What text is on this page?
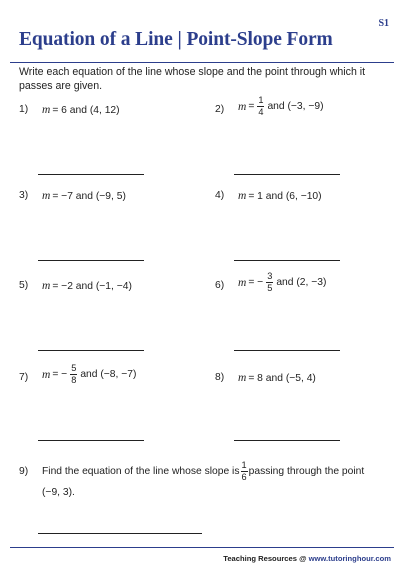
S1
Equation of a Line | Point-Slope Form
Write each equation of the line whose slope and the point through which it passes are given.
1) m = 6 and (4, 12)	2) $m = \frac{1}{4}$ and (−3, −9)
3) m = −7 and (−9, 5)	4) m = 1 and (6, −10)
5) m = −2 and (−1, −4)	6) m = − $\frac{3}{5}$ and (2, −3)
7) m = − $\frac{5}{8}$ and (−8, −7)	8) m = 8 and (−5, 4)
9)	Find the equation of the line whose slope is $\frac{1}{6}$ passing through the point
(−9, 3).
Teaching Resources @ www.tutoringhour.com
